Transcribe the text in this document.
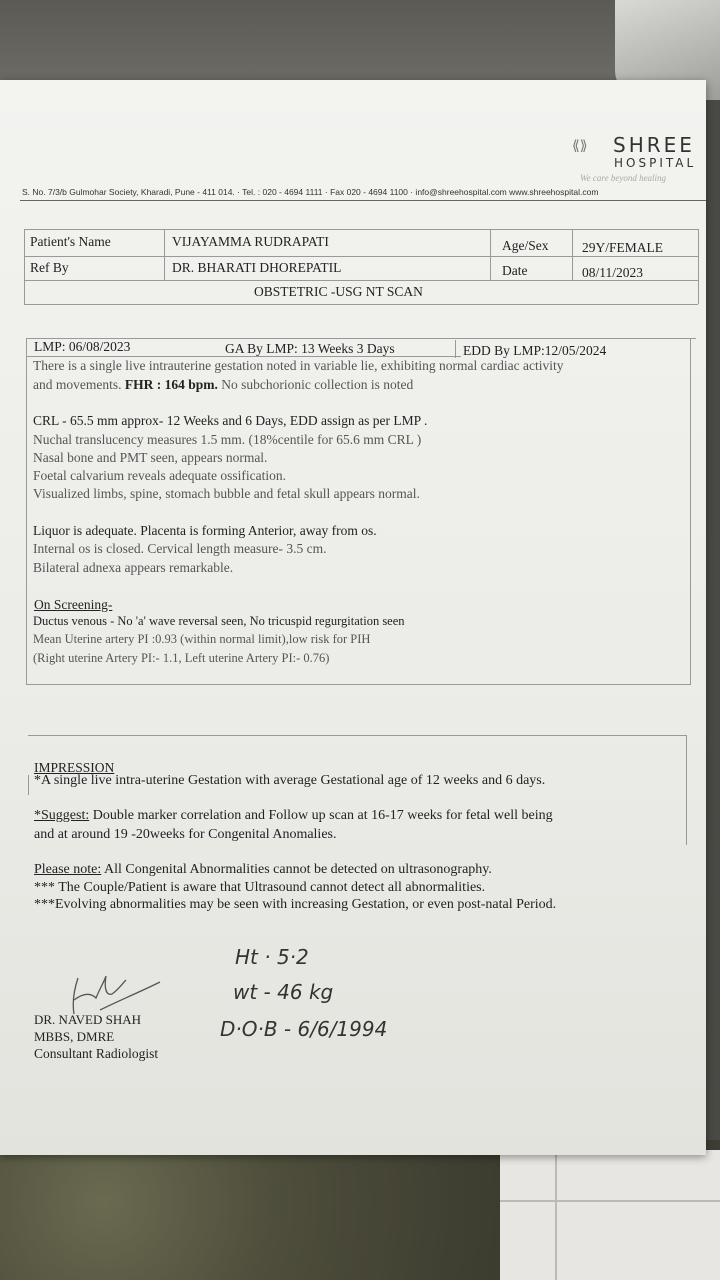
⟪⟫ SHREE
HOSPITAL
We care beyond healing
S. No. 7/3/b Gulmohar Society, Kharadi, Pune - 411 014. · Tel. : 020 - 4694 1111 · Fax 020 - 4694 1100 · info@shreehospital.com www.shreehospital.com
Patient's Name	VIJAYAMMA RUDRAPATI	Age/Sex 29Y/FEMALE
Ref By	DR. BHARATI DHOREPATIL	Date	08/11/2023
OBSTETRIC -USG NT SCAN
LMP: 06/08/2023	GA By LMP: 13 Weeks 3 Days	EDD By LMP:12/05/2024
There is a single live intrauterine gestation noted in variable lie, exhibiting normal cardiac activity
and movements. FHR : 164 bpm. No subchorionic collection is noted
CRL - 65.5 mm approx- 12 Weeks and 6 Days, EDD assign as per LMP .
Nuchal translucency measures 1.5 mm. (18%centile for 65.6 mm CRL )
Nasal bone and PMT seen, appears normal.
Foetal calvarium reveals adequate ossification.
Visualized limbs, spine, stomach bubble and fetal skull appears normal.
Liquor is adequate. Placenta is forming Anterior, away from os.
Internal os is closed. Cervical length measure- 3.5 cm.
Bilateral adnexa appears remarkable.
On Screening-
Ductus venous - No 'a' wave reversal seen, No tricuspid regurgitation seen
Mean Uterine artery PI :0.93 (within normal limit),low risk for PIH
(Right uterine Artery PI:- 1.1, Left uterine Artery PI:- 0.76)
IMPRESSION
*A single live intra-uterine Gestation with average Gestational age of 12 weeks and 6 days.
*Suggest: Double marker correlation and Follow up scan at 16-17 weeks for fetal well being
and at around 19 -20weeks for Congenital Anomalies.
Please note: All Congenital Abnormalities cannot be detected on ultrasonography.
*** The Couple/Patient is aware that Ultrasound cannot detect all abnormalities.
***Evolving abnormalities may be seen with increasing Gestation, or even post-natal Period.
Ht · 5·2
wt - 46 kg
D·O·B - 6/6/1994
DR. NAVED SHAH
MBBS, DMRE
Consultant Radiologist
